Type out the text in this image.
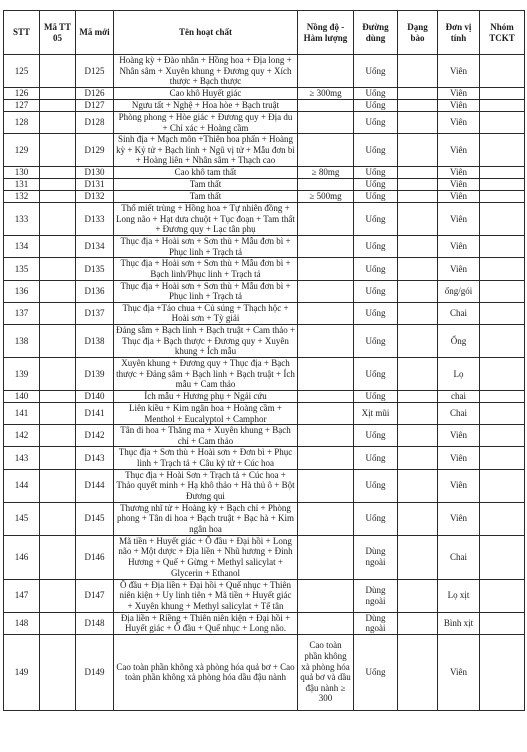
STT	Mã TT 05	Mã mới	Tên hoạt chất	Nồng độ - Hàm lượng	Đường dùng	Dạng bào	Đơn vị tính	Nhóm TCKT
125		D125	Hoàng kỳ + Đào nhân + Hồng hoa + Địa long + Nhân sâm + Xuyên khung + Đương quy + Xích thược + Bạch thược		Uống		Viên	
126		D126	Cao khô Huyết giác	≥ 300mg	Uống		Viên	
127		D127	Ngưu tất + Nghệ + Hoa hòe + Bạch truật		Uống		Viên	
128		D128	Phòng phong + Hòe giác + Đương quy + Địa du + Chỉ xác + Hoàng cầm		Uống		Viên	
129		D129	Sinh địa + Mạch môn +Thiên hoa phấn + Hoàng kỳ + Kỷ tử + Bạch linh + Ngũ vị tử + Mẫu đơn bì + Hoàng liên + Nhân sâm + Thạch cao		Uống		Viên	
130		D130	Cao khô tam thất	≥ 80mg	Uống		Viên	
131		D131	Tam thất		Uống		Viên	
132		D132	Tam thất	≥ 500mg	Uống		Viên	
133		D133	Thổ miết trùng + Hồng hoa + Tự nhiên đồng + Long não + Hạt dưa chuột + Tục đoạn + Tam thất + Đương quy + Lạc tân phụ		Uống		Viên	
134		D134	Thục địa + Hoài sơn + Sơn thù + Mẫu đơn bì + Phục linh + Trạch tả		Uống		Viên	
135		D135	Thục địa + Hoài sơn + Sơn thù + Mẫu đơn bì + Bạch linh/Phục linh + Trạch tả		Uống		Viên	
136		D136	Thục địa + Hoài sơn + Sơn thù + Mẫu đơn bì + Phục linh + Trạch tả		Uống		ống/gói	
137		D137	Thục địa +Táo chua + Củ súng + Thạch hộc + Hoài sơn + Tỳ giải		Uống		Chai	
138		D138	Đảng sâm + Bạch linh + Bạch truật + Cam thảo + Thục địa + Bạch thược + Đương quy + Xuyên khung + Ích mẫu		Uống		Ống	
139		D139	Xuyên khung + Đương quy + Thục địa + Bạch thược + Đảng sâm + Bạch linh + Bạch truật + Ích mẫu + Cam thảo		Uống		Lọ	
140		D140	Ích mẫu + Hương phụ + Ngải cứu		Uống		chai	
141		D141	Liên kiều + Kim ngân hoa + Hoàng cầm + Menthol + Eucalyptol + Camphor		Xịt mũi		Chai	
142		D142	Tân di hoa + Thăng ma + Xuyên khung + Bạch chỉ + Cam thảo		Uống		Viên	
143		D143	Thục địa + Sơn thù + Hoài sơn + Đơn bì + Phục linh + Trạch tả + Câu kỷ tử + Cúc hoa		Uống		Viên	
144		D144	Thục địa + Hoài Sơn + Trạch tả + Cúc hoa + Thảo quyết minh + Hạ khô thảo + Hà thủ ô + Bột Đương qui		Uống		Viên	
145		D145	Thương nhĩ tử + Hoàng kỳ + Bạch chỉ + Phòng phong + Tân di hoa + Bạch truật + Bạc hà + Kim ngân hoa		Uống		Viên	
146		D146	Mã tiền + Huyết giác + Ô đầu + Đại hồi + Long não + Một dược + Địa liền + Nhũ hương + Đinh Hương + Quế + Gừng + Methyl salicylat + Glycerin + Ethanol		Dùng ngoài		Chai	
147		D147	Ô đầu + Địa liền + Đại hồi + Quế nhục + Thiên niên kiện + Uy linh tiên + Mã tiền + Huyết giác + Xuyên khung + Methyl salicylat + Tế tân		Dùng ngoài		Lọ xịt	
148		D148	Địa liền + Riềng + Thiên niên kiện + Đại hồi + Huyết giác + Ô đầu + Quế nhục + Long não.		Dùng ngoài		Bình xịt	
149		D149	Cao toàn phần không xà phòng hóa quả bơ + Cao toàn phần không xà phòng hóa dầu đậu nành	Cao toàn phần không xà phòng hóa quả bơ và dầu đậu nành ≥ 300	Uống		Viên	
